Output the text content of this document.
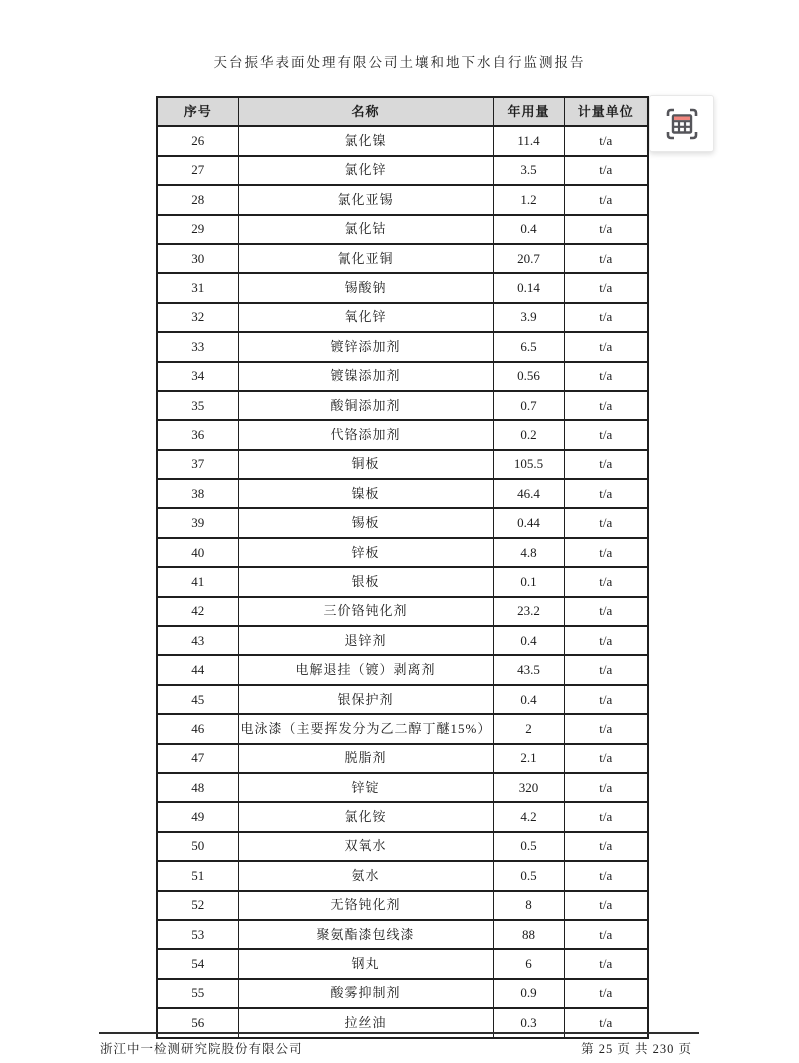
天台振华表面处理有限公司土壤和地下水自行监测报告
序号	名称	年用量	计量单位
26	氯化镍	11.4	t/a
27	氯化锌	3.5	t/a
28	氯化亚锡	1.2	t/a
29	氯化钴	0.4	t/a
30	氰化亚铜	20.7	t/a
31	锡酸钠	0.14	t/a
32	氧化锌	3.9	t/a
33	镀锌添加剂	6.5	t/a
34	镀镍添加剂	0.56	t/a
35	酸铜添加剂	0.7	t/a
36	代铬添加剂	0.2	t/a
37	铜板	105.5	t/a
38	镍板	46.4	t/a
39	锡板	0.44	t/a
40	锌板	4.8	t/a
41	银板	0.1	t/a
42	三价铬钝化剂	23.2	t/a
43	退锌剂	0.4	t/a
44	电解退挂（镀）剥离剂	43.5	t/a
45	银保护剂	0.4	t/a
46	电泳漆（主要挥发分为乙二醇丁醚15%）	2	t/a
47	脱脂剂	2.1	t/a
48	锌锭	320	t/a
49	氯化铵	4.2	t/a
50	双氧水	0.5	t/a
51	氨水	0.5	t/a
52	无铬钝化剂	8	t/a
53	聚氨酯漆包线漆	88	t/a
54	钢丸	6	t/a
55	酸雾抑制剂	0.9	t/a
56	拉丝油	0.3	t/a
浙江中一检测研究院股份有限公司	第 25 页 共 230 页
